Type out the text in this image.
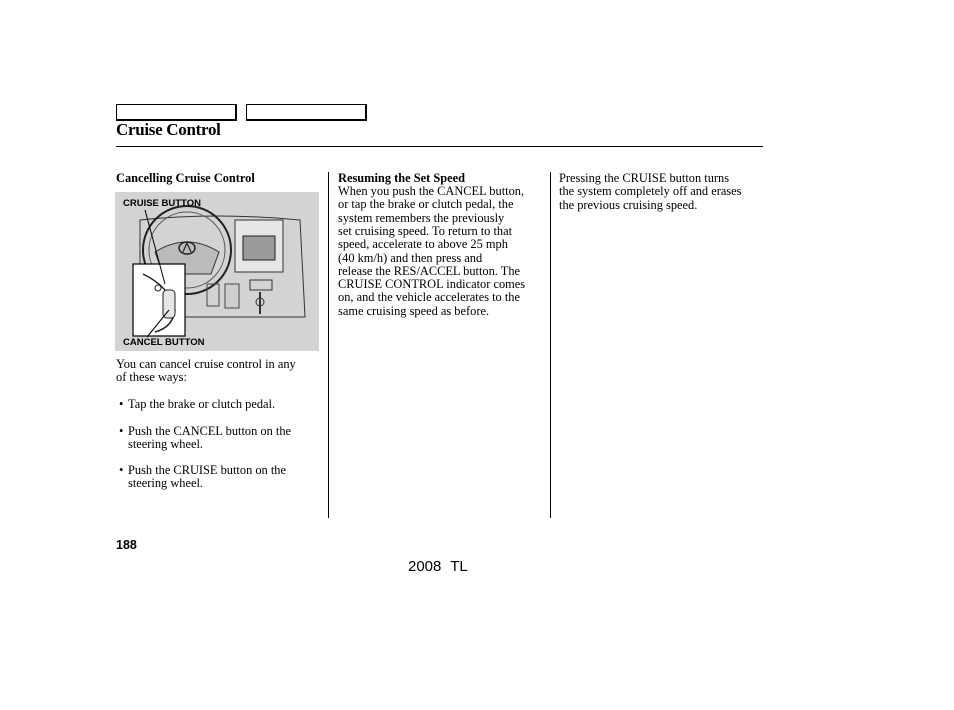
Cruise Control
Cancelling Cruise Control
CRUISE BUTTON
CANCEL BUTTON
You can cancel cruise control in any
of these ways:
• Tap the brake or clutch pedal.
• Push the CANCEL button on the
steering wheel.
• Push the CRUISE button on the
steering wheel.
Resuming the Set Speed
When you push the CANCEL button,
or tap the brake or clutch pedal, the
system remembers the previously
set cruising speed. To return to that
speed, accelerate to above 25 mph
(40 km/h) and then press and
release the RES/ACCEL button. The
CRUISE CONTROL indicator comes
on, and the vehicle accelerates to the
same cruising speed as before.
Pressing the CRUISE button turns
the system completely off and erases
the previous cruising speed.
188
2008 TL
